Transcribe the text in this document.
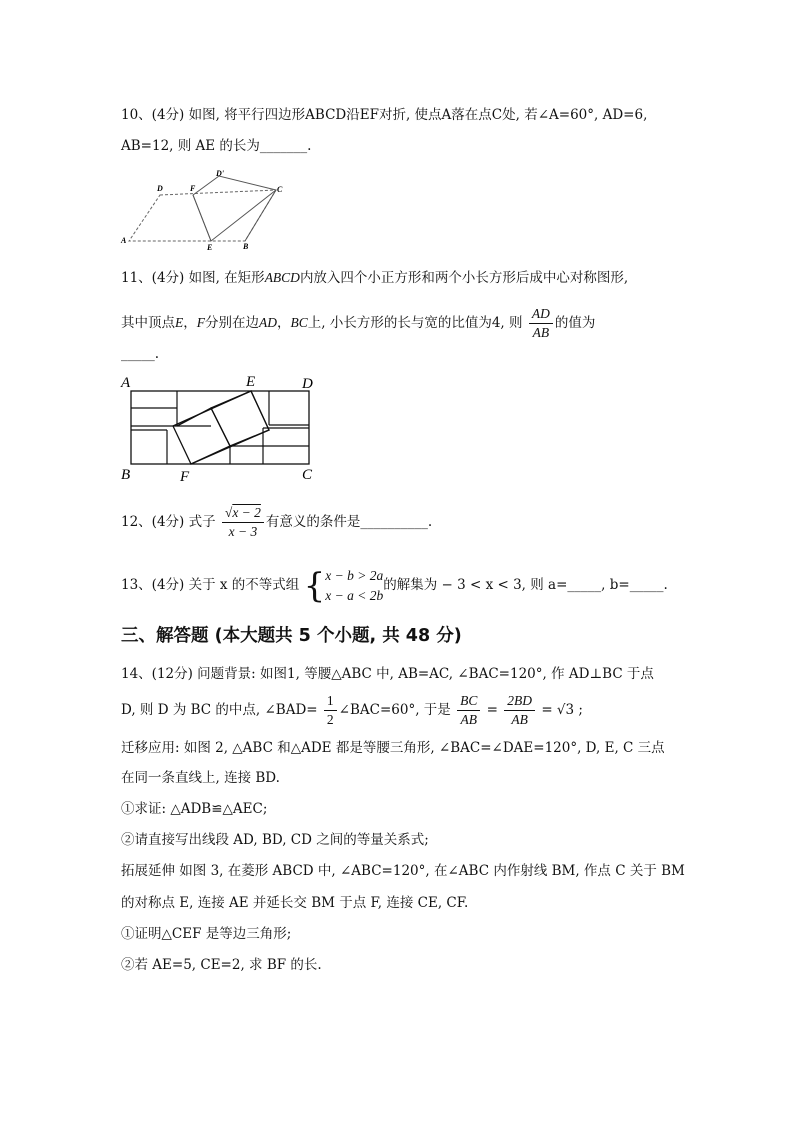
10、(4分) 如图, 将平行四边形ABCD沿EF对折, 使点A落在点C处, 若∠A=60°, AD=6,
AB=12, 则 AE 的长为_______.
D	F
D'
C
A
E	B
11、(4分) 如图, 在矩形ABCD内放入四个小正方形和两个小长方形后成中心对称图形,
其中顶点E，F分别在边AD，BC上, 小长方形的长与宽的比值为4, 则 $\frac{AD}{AB}$ 的值为
_____.
A	E	D
B	F	C
12、(4分) 式子 $\frac{√x - 2}{x - 3}$ 有意义的条件是__________.
13、(4分) 关于 x 的不等式组 { x − b > 2a
x − a < 2b
的解集为 − 3 < x < 3, 则 a=_____, b=_____.
三、解答题 (本大题共 5 个小题, 共 48 分)
14、(12分) 问题背景: 如图1, 等腰△ABC 中, AB=AC, ∠BAC=120°, 作 AD⊥BC 于点
D, 则 D 为 BC 的中点, ∠BAD= $\frac{1}{2}$ ∠BAC=60°, 于是 $\frac{BC}{AB} = \frac{2BD}{AB} = √3$ ;
迁移应用: 如图 2, △ABC 和△ADE 都是等腰三角形, ∠BAC=∠DAE=120°, D, E, C 三点
在同一条直线上, 连接 BD.
①求证: △ADB≌△AEC;
②请直接写出线段 AD, BD, CD 之间的等量关系式;
拓展延伸 如图 3, 在菱形 ABCD 中, ∠ABC=120°, 在∠ABC 内作射线 BM, 作点 C 关于 BM
的对称点 E, 连接 AE 并延长交 BM 于点 F, 连接 CE, CF.
①证明△CEF 是等边三角形;
②若 AE=5, CE=2, 求 BF 的长.
